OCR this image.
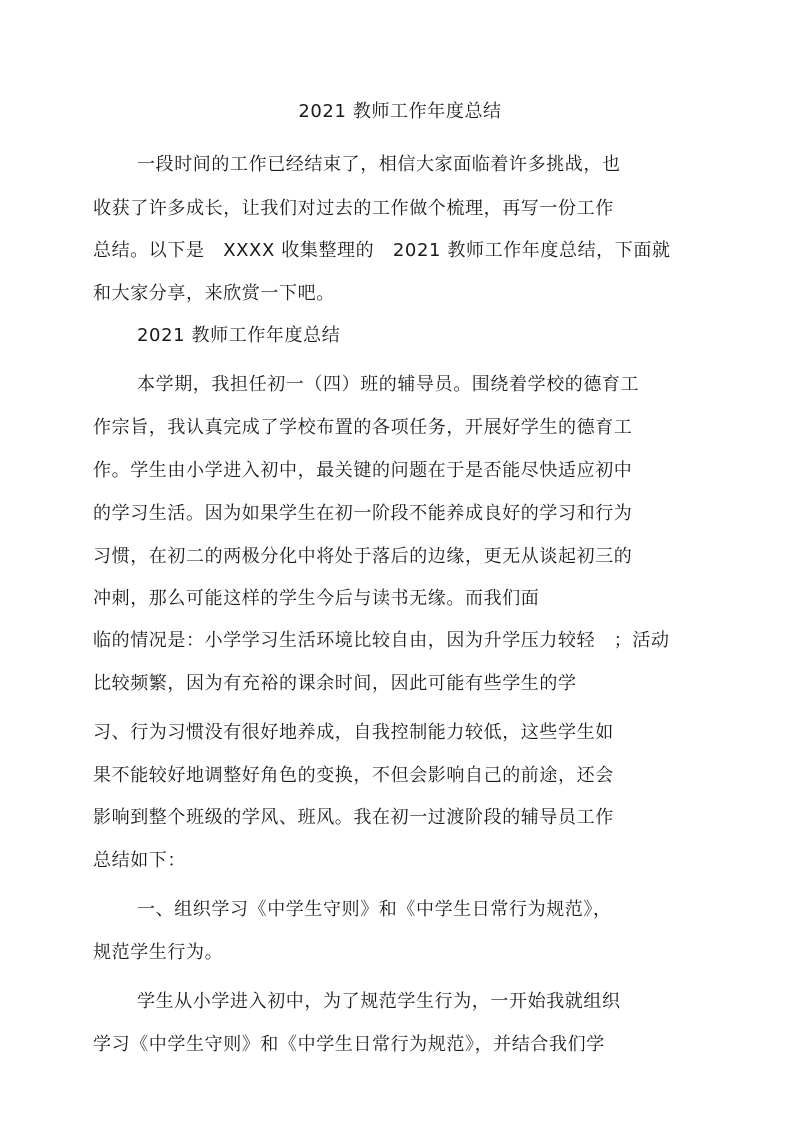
2021 教师工作年度总结
一段时间的工作已经结束了，相信大家面临着许多挑战，也
收获了许多成长，让我们对过去的工作做个梳理，再写一份工作
总结。以下是　XXXX 收集整理的　2021 教师工作年度总结，下面就
和大家分享，来欣赏一下吧。
2021 教师工作年度总结
本学期，我担任初一（四）班的辅导员。围绕着学校的德育工
作宗旨，我认真完成了学校布置的各项任务，开展好学生的德育工
作。学生由小学进入初中，最关键的问题在于是否能尽快适应初中
的学习生活。因为如果学生在初一阶段不能养成良好的学习和行为
习惯，在初二的两极分化中将处于落后的边缘，更无从谈起初三的
冲刺，那么可能这样的学生今后与读书无缘。而我们面
临的情况是：小学学习生活环境比较自由，因为升学压力较轻　；活动
比较频繁，因为有充裕的课余时间，因此可能有些学生的学
习、行为习惯没有很好地养成，自我控制能力较低，这些学生如
果不能较好地调整好角色的变换，不但会影响自己的前途，还会
影响到整个班级的学风、班风。我在初一过渡阶段的辅导员工作
总结如下：
一、组织学习《中学生守则》和《中学生日常行为规范》，
规范学生行为。
学生从小学进入初中，为了规范学生行为，一开始我就组织
学习《中学生守则》和《中学生日常行为规范》，并结合我们学
